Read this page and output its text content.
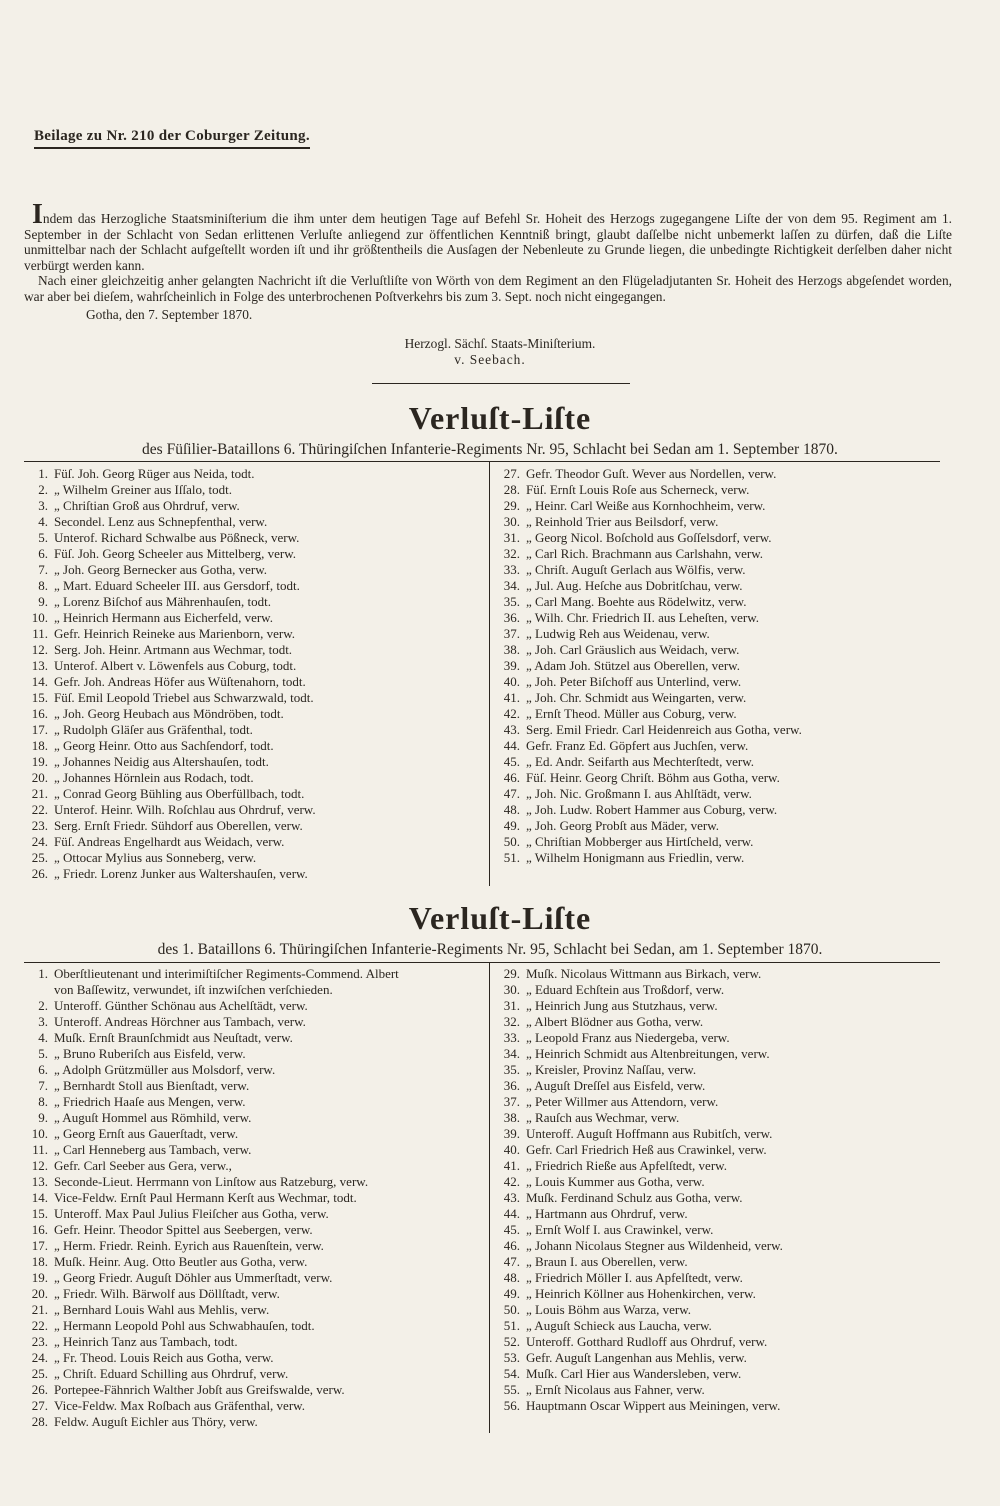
Beilage zu Nr. 210 der Coburger Zeitung.

Indem das Herzogliche Staatsminiſterium die ihm unter dem heutigen Tage auf Befehl Sr. Hoheit des Herzogs zugegangene Liſte der von dem 95. Regiment am 1. September in der Schlacht von Sedan erlittenen Verluſte anliegend zur öffentlichen Kenntniß bringt, glaubt daſſelbe nicht unbemerkt laſſen zu dürfen, daß die Liſte unmittelbar nach der Schlacht aufgeſtellt worden iſt und ihr größtentheils die Ausſagen der Nebenleute zu Grunde liegen, die unbedingte Richtigkeit derſelben daher nicht verbürgt werden kann.

Nach einer gleichzeitig anher gelangten Nachricht iſt die Verluſtliſte von Wörth von dem Regiment an den Flügeladjutanten Sr. Hoheit des Herzogs abgeſendet worden, war aber bei dieſem, wahrſcheinlich in Folge des unterbrochenen Poſtverkehrs bis zum 3. Sept. noch nicht eingegangen.

Gotha, den 7. September 1870.
Herzogl. Sächſ. Staats-Miniſterium.
v. Seebach.
Verluſt-Liſte
des Füſilier-Bataillons 6. Thüringiſchen Infanterie-Regiments Nr. 95, Schlacht bei Sedan am 1. September 1870.
1. Füſ. Joh. Georg Rüger aus Neida, todt.
2. „ Wilhelm Greiner aus Iſſalo, todt.
3. „ Chriſtian Groß aus Ohrdruf, verw.
4. Secondel. Lenz aus Schnepfenthal, verw.
5. Unterof. Richard Schwalbe aus Pößneck, verw.
6. Füſ. Joh. Georg Scheeler aus Mittelberg, verw.
7. „ Joh. Georg Bernecker aus Gotha, verw.
8. „ Mart. Eduard Scheeler III. aus Gersdorf, todt.
9. „ Lorenz Biſchof aus Mährenhauſen, todt.
10. „ Heinrich Hermann aus Eicherfeld, verw.
11. Gefr. Heinrich Reineke aus Marienborn, verw.
12. Serg. Joh. Heinr. Artmann aus Wechmar, todt.
13. Unterof. Albert v. Löwenfels aus Coburg, todt.
14. Gefr. Joh. Andreas Höfer aus Wüſtenahorn, todt.
15. Füſ. Emil Leopold Triebel aus Schwarzwald, todt.
16. „ Joh. Georg Heubach aus Möndröben, todt.
17. „ Rudolph Gläſer aus Gräfenthal, todt.
18. „ Georg Heinr. Otto aus Sachſendorf, todt.
19. „ Johannes Neidig aus Altershauſen, todt.
20. „ Johannes Hörnlein aus Rodach, todt.
21. „ Conrad Georg Bühling aus Oberfüllbach, todt.
22. Unterof. Heinr. Wilh. Roſchlau aus Ohrdruf, verw.
23. Serg. Ernſt Friedr. Sühdorf aus Oberellen, verw.
24. Füſ. Andreas Engelhardt aus Weidach, verw.
25. „ Ottocar Mylius aus Sonneberg, verw.
26. „ Friedr. Lorenz Junker aus Waltershauſen, verw.
27. Gefr. Theodor Guſt. Wever aus Nordellen, verw.
28. Füſ. Ernſt Louis Roſe aus Scherneck, verw.
29. „ Heinr. Carl Weiße aus Kornhochheim, verw.
30. „ Reinhold Trier aus Beilsdorf, verw.
31. „ Georg Nicol. Boſchold aus Goſſelsdorf, verw.
32. „ Carl Rich. Brachmann aus Carlshahn, verw.
33. „ Chriſt. Auguſt Gerlach aus Wölfis, verw.
34. „ Jul. Aug. Heſche aus Dobritſchau, verw.
35. „ Carl Mang. Boehte aus Rödelwitz, verw.
36. „ Wilh. Chr. Friedrich II. aus Leheſten, verw.
37. „ Ludwig Reh aus Weidenau, verw.
38. „ Joh. Carl Gräuslich aus Weidach, verw.
39. „ Adam Joh. Stützel aus Oberellen, verw.
40. „ Joh. Peter Biſchoff aus Unterlind, verw.
41. „ Joh. Chr. Schmidt aus Weingarten, verw.
42. „ Ernſt Theod. Müller aus Coburg, verw.
43. Serg. Emil Friedr. Carl Heidenreich aus Gotha, verw.
44. Gefr. Franz Ed. Göpfert aus Juchſen, verw.
45. „ Ed. Andr. Seifarth aus Mechterſtedt, verw.
46. Füſ. Heinr. Georg Chriſt. Böhm aus Gotha, verw.
47. „ Joh. Nic. Großmann I. aus Ahlſtädt, verw.
48. „ Joh. Ludw. Robert Hammer aus Coburg, verw.
49. „ Joh. Georg Probſt aus Mäder, verw.
50. „ Chriſtian Mobberger aus Hirtſcheld, verw.
51. „ Wilhelm Honigmann aus Friedlin, verw.
Verluſt-Liſte
des 1. Bataillons 6. Thüringiſchen Infanterie-Regiments Nr. 95, Schlacht bei Sedan, am 1. September 1870.
1. Oberſtlieutenant und interimiſtiſcher Regiments-Commend. Albert
von Baſſewitz, verwundet, iſt inzwiſchen verſchieden.
2. Unteroff. Günther Schönau aus Achelſtädt, verw.
3. Unteroff. Andreas Hörchner aus Tambach, verw.
4. Muſk. Ernſt Braunſchmidt aus Neuſtadt, verw.
5. „ Bruno Ruberiſch aus Eisfeld, verw.
6. „ Adolph Grützmüller aus Molsdorf, verw.
7. „ Bernhardt Stoll aus Bienſtadt, verw.
8. „ Friedrich Haaſe aus Mengen, verw.
9. „ Auguſt Hommel aus Römhild, verw.
10. „ Georg Ernſt aus Gauerſtadt, verw.
11. „ Carl Henneberg aus Tambach, verw.
12. Gefr. Carl Seeber aus Gera, verw.,
13. Seconde-Lieut. Herrmann von Linſtow aus Ratzeburg, verw.
14. Vice-Feldw. Ernſt Paul Hermann Kerſt aus Wechmar, todt.
15. Unteroff. Max Paul Julius Fleiſcher aus Gotha, verw.
16. Gefr. Heinr. Theodor Spittel aus Seebergen, verw.
17. „ Herm. Friedr. Reinh. Eyrich aus Rauenſtein, verw.
18. Muſk. Heinr. Aug. Otto Beutler aus Gotha, verw.
19. „ Georg Friedr. Auguſt Döhler aus Ummerſtadt, verw.
20. „ Friedr. Wilh. Bärwolf aus Döllſtadt, verw.
21. „ Bernhard Louis Wahl aus Mehlis, verw.
22. „ Hermann Leopold Pohl aus Schwabhauſen, todt.
23. „ Heinrich Tanz aus Tambach, todt.
24. „ Fr. Theod. Louis Reich aus Gotha, verw.
25. „ Chriſt. Eduard Schilling aus Ohrdruf, verw.
26. Portepee-Fähnrich Walther Jobſt aus Greifswalde, verw.
27. Vice-Feldw. Max Roſbach aus Gräfenthal, verw.
28. Feldw. Auguſt Eichler aus Thöry, verw.
29. Muſk. Nicolaus Wittmann aus Birkach, verw.
30. „ Eduard Echſtein aus Troßdorf, verw.
31. „ Heinrich Jung aus Stutzhaus, verw.
32. „ Albert Blödner aus Gotha, verw.
33. „ Leopold Franz aus Niedergeba, verw.
34. „ Heinrich Schmidt aus Altenbreitungen, verw.
35. „ Kreisler, Provinz Naſſau, verw.
36. „ Auguſt Dreſſel aus Eisfeld, verw.
37. „ Peter Willmer aus Attendorn, verw.
38. „ Rauſch aus Wechmar, verw.
39. Unteroff. Auguſt Hoffmann aus Rubitſch, verw.
40. Gefr. Carl Friedrich Heß aus Crawinkel, verw.
41. „ Friedrich Rieße aus Apfelſtedt, verw.
42. „ Louis Kummer aus Gotha, verw.
43. Muſk. Ferdinand Schulz aus Gotha, verw.
44. „ Hartmann aus Ohrdruf, verw.
45. „ Ernſt Wolf I. aus Crawinkel, verw.
46. „ Johann Nicolaus Stegner aus Wildenheid, verw.
47. „ Braun I. aus Oberellen, verw.
48. „ Friedrich Möller I. aus Apfelſtedt, verw.
49. „ Heinrich Köllner aus Hohenkirchen, verw.
50. „ Louis Böhm aus Warza, verw.
51. „ Auguſt Schieck aus Laucha, verw.
52. Unteroff. Gotthard Rudloff aus Ohrdruf, verw.
53. Gefr. Auguſt Langenhan aus Mehlis, verw.
54. Muſk. Carl Hier aus Wandersleben, verw.
55. „ Ernſt Nicolaus aus Fahner, verw.
56. Hauptmann Oscar Wippert aus Meiningen, verw.
